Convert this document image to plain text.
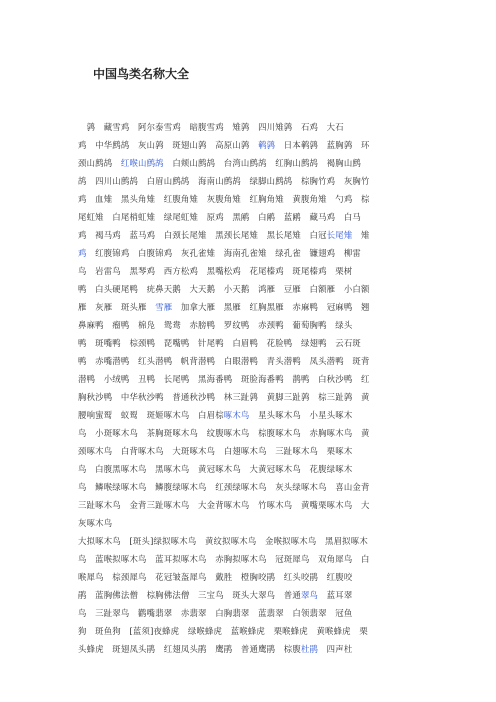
中国鸟类名称大全
　鹑　藏雪鸡　阿尔泰雪鸡　暗腹雪鸡　雉鹑　四川雉鹑　石鸡　大石
鸡　中华鹧鸪　灰山鹑　斑翅山鹑　高原山鹑　鹌鹑　日本鹌鹑　蓝胸鹑　环
颈山鹧鸪　红喉山鹧鸪　白颊山鹧鸪　台湾山鹧鸪　红胸山鹧鸪　褐胸山鹧
鸪　四川山鹧鸪　白眉山鹧鸪　海南山鹧鸪　绿脚山鹧鸪　棕胸竹鸡　灰胸竹
鸡　血雉　黑头角雉　红腹角雉　灰腹角雉　红胸角雉　黄腹角雉　勺鸡　棕
尾虹雉　白尾梢虹雉　绿尾虹雉　原鸡　黑鹇　白鹇　蓝鹇　藏马鸡　白马
鸡　褐马鸡　蓝马鸡　白颈长尾雉　黑颈长尾雉　黑长尾雉　白冠长尾雉　雉
鸡　红腹锦鸡　白腹锦鸡　灰孔雀雉　海南孔雀雉　绿孔雀　镰翅鸡　柳雷
鸟　岩雷鸟　黑琴鸡　西方松鸡　黑嘴松鸡　花尾榛鸡　斑尾榛鸡　栗树
鸭　白头硬尾鸭　疣鼻天鹅　大天鹅　小天鹅　鸿雁　豆雁　白额雁　小白额
雁　灰雁　斑头雁　雪雁　加拿大雁　黑雁　红胸黑雁　赤麻鸭　冠麻鸭　翘
鼻麻鸭　瘤鸭　棉凫　鸳鸯　赤膀鸭　罗纹鸭　赤颈鸭　葡萄胸鸭　绿头
鸭　斑嘴鸭　棕颈鸭　琵嘴鸭　针尾鸭　白眉鸭　花脸鸭　绿翅鸭　云石斑
鸭　赤嘴潜鸭　红头潜鸭　帆背潜鸭　白眼潜鸭　青头潜鸭　凤头潜鸭　斑背
潜鸭　小绒鸭　丑鸭　长尾鸭　黑海番鸭　斑脸海番鸭　鹊鸭　白秋沙鸭　红
胸秋沙鸭　中华秋沙鸭　普通秋沙鸭　林三趾鹑　黄脚三趾鹑　棕三趾鹑　黄
腰响蜜䴕　蚁䴕　斑姬啄木鸟　白眉棕啄木鸟　星头啄木鸟　小星头啄木
鸟　小斑啄木鸟　茶胸斑啄木鸟　纹腹啄木鸟　棕腹啄木鸟　赤胸啄木鸟　黄
颈啄木鸟　白背啄木鸟　大斑啄木鸟　白翅啄木鸟　三趾啄木鸟　栗啄木
鸟　白腹黑啄木鸟　黑啄木鸟　黄冠啄木鸟　大黄冠啄木鸟　花腹绿啄木
鸟　鳞喉绿啄木鸟　鳞腹绿啄木鸟　红颈绿啄木鸟　灰头绿啄木鸟　喜山金背
三趾啄木鸟　金背三趾啄木鸟　大金背啄木鸟　竹啄木鸟　黄嘴栗啄木鸟　大
灰啄木鸟
大拟啄木鸟　[斑头]绿拟啄木鸟　黄纹拟啄木鸟　金喉拟啄木鸟　黑眉拟啄木
鸟　蓝喉拟啄木鸟　蓝耳拟啄木鸟　赤胸拟啄木鸟　冠斑犀鸟　双角犀鸟　白
喉犀鸟　棕颈犀鸟　花冠皱盔犀鸟　戴胜　橙胸咬鹃　红头咬鹃　红腹咬
鹃　蓝胸佛法僧　棕胸佛法僧　三宝鸟　斑头大翠鸟　普通翠鸟　蓝耳翠
鸟　三趾翠鸟　鹳嘴翡翠　赤翡翠　白胸翡翠　蓝翡翠　白领翡翠　冠鱼
狗　斑鱼狗　[蓝须]夜蜂虎　绿喉蜂虎　蓝喉蜂虎　栗喉蜂虎　黄喉蜂虎　栗
头蜂虎　斑翅凤头鹃　红翅凤头鹃　鹰鹃　普通鹰鹃　棕腹杜鹃　四声杜
